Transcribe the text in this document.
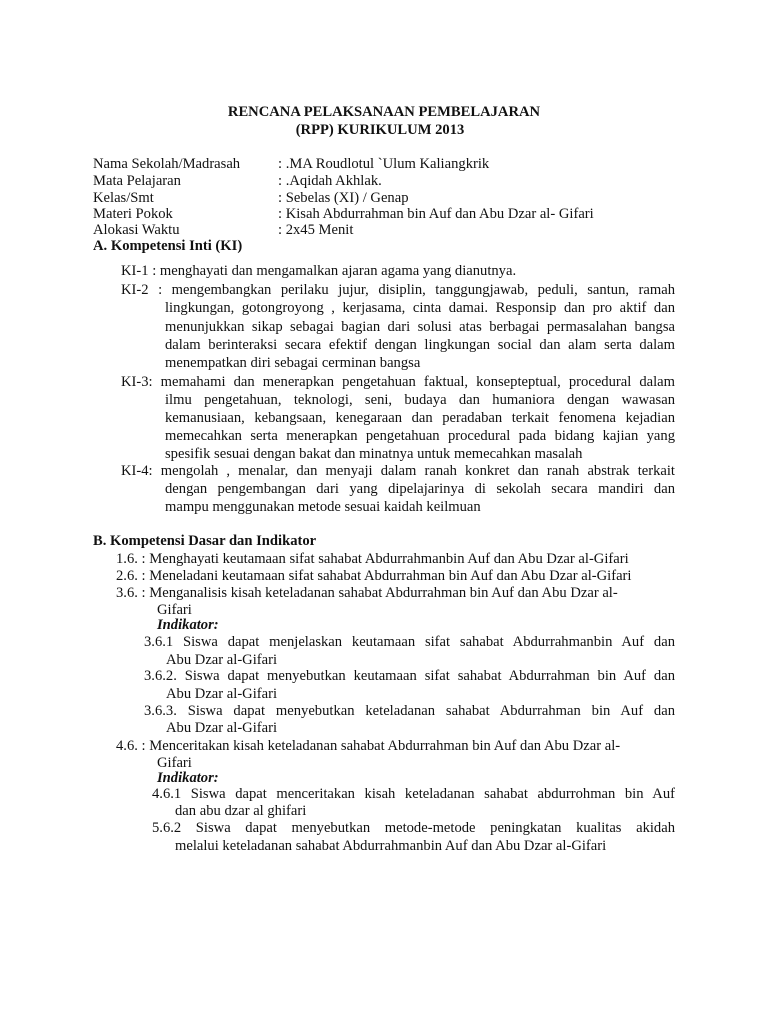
RENCANA PELAKSANAAN PEMBELAJARAN
(RPP) KURIKULUM 2013
Nama Sekolah/Madrasah	: .MA Roudlotul `Ulum Kaliangkrik
Mata Pelajaran	: .Aqidah Akhlak.
Kelas/Smt	: Sebelas (XI) / Genap
Materi Pokok	: Kisah Abdurrahman bin Auf dan Abu Dzar al- Gifari
Alokasi Waktu	: 2x45 Menit
A. Kompetensi Inti (KI)
KI-1 : menghayati dan mengamalkan ajaran agama yang dianutnya.
KI-2 : mengembangkan perilaku jujur, disiplin, tanggungjawab, peduli, santun, ramah
lingkungan, gotongroyong , kerjasama, cinta damai. Responsip dan pro aktif dan
menunjukkan sikap sebagai bagian dari solusi atas berbagai permasalahan bangsa
dalam berinteraksi secara efektif dengan lingkungan social dan alam serta dalam
menempatkan diri sebagai cerminan bangsa
KI-3: memahami dan menerapkan pengetahuan faktual, konsepteptual, procedural dalam
ilmu pengetahuan, teknologi, seni, budaya dan humaniora dengan wawasan
kemanusiaan, kebangsaan, kenegaraan dan peradaban terkait fenomena kejadian
memecahkan serta menerapkan pengetahuan procedural pada bidang kajian yang
spesifik sesuai dengan bakat dan minatnya untuk memecahkan masalah
KI-4: mengolah , menalar, dan menyaji dalam ranah konkret dan ranah abstrak terkait
dengan pengembangan dari yang dipelajarinya di sekolah secara mandiri dan
mampu menggunakan metode sesuai kaidah keilmuan
B. Kompetensi Dasar dan Indikator
1.6. : Menghayati keutamaan sifat sahabat Abdurrahmanbin Auf dan Abu Dzar al-Gifari
2.6. : Meneladani keutamaan sifat sahabat Abdurrahman bin Auf dan Abu Dzar al-Gifari
3.6. : Menganalisis kisah keteladanan sahabat Abdurrahman bin Auf dan Abu Dzar al-
Gifari
Indikator:
3.6.1 Siswa dapat menjelaskan keutamaan sifat sahabat Abdurrahmanbin Auf dan
Abu Dzar al-Gifari
3.6.2. Siswa dapat menyebutkan keutamaan sifat sahabat Abdurrahman bin Auf dan
Abu Dzar al-Gifari
3.6.3. Siswa dapat menyebutkan keteladanan sahabat Abdurrahman bin Auf dan
Abu Dzar al-Gifari
4.6. : Menceritakan kisah keteladanan sahabat Abdurrahman bin Auf dan Abu Dzar al-
Gifari
Indikator:
4.6.1 Siswa dapat menceritakan kisah keteladanan sahabat abdurrohman bin Auf
dan abu dzar al ghifari
5.6.2 Siswa dapat menyebutkan metode-metode peningkatan kualitas akidah
melalui keteladanan sahabat Abdurrahmanbin Auf dan Abu Dzar al-Gifari
